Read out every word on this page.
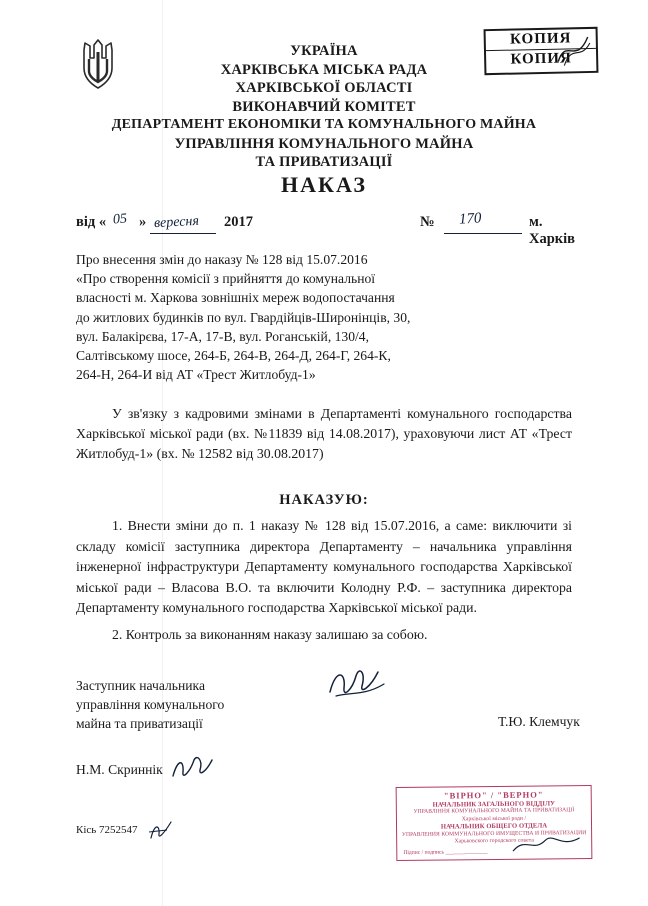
КОПИЯ
КОПИЯ
УКРАЇНА
ХАРКІВСЬКА МІСЬКА РАДА
ХАРКІВСЬКОЇ ОБЛАСТІ
ВИКОНАВЧИЙ КОМІТЕТ
ДЕПАРТАМЕНТ ЕКОНОМІКИ ТА КОМУНАЛЬНОГО МАЙНА
УПРАВЛІННЯ КОМУНАЛЬНОГО МАЙНА
ТА ПРИВАТИЗАЦІЇ
НАКАЗ
від « 05 » вересня 2017	№ 170	м. Харків
Про внесення змін до наказу № 128 від 15.07.2016
«Про створення комісії з прийняття до комунальної
власності м. Харкова зовнішніх мереж водопостачання
до житлових будинків по вул. Гвардійців-Широнінців, 30,
вул. Балакірєва, 17-А, 17-В, вул. Роганській, 130/4,
Салтівському шосе, 264-Б, 264-В, 264-Д, 264-Г, 264-К,
264-Н, 264-И від АТ «Трест Житлобуд-1»
У зв'язку з кадровими змінами в Департаменті комунального господарства Харківської міської ради (вх. №11839 від 14.08.2017), урахoвуючи лист АТ «Трест Житлобуд-1» (вх. № 12582 від 30.08.2017)
НАКАЗУЮ:
1. Внести зміни до п. 1 наказу № 128 від 15.07.2016, а саме: виключити зі складу комісії заступника директора Департаменту – начальника управління інженерної інфраструктури Департаменту комунального господарства Харківської міської ради – Власова В.О. та включити Колодну Р.Ф. – заступника директора Департаменту комунального господарства Харківської міської ради.
2. Контроль за виконанням наказу залишаю за собою.
Заступник начальника
управління комунального
майна та приватизації	Т.Ю. Клемчук
Н.М. Скриннік
Кісь 7252547
"ВІРНО" / "ВЕРНО"
НАЧАЛЬНИК ЗАГАЛЬНОГО ВІДДІЛУ
УПРАВЛІННЯ КОМУНАЛЬНОГО МАЙНА ТА ПРИВАТИЗАЦІЇ
Харківської міської ради /
НАЧАЛЬНИК ОБЩЕГО ОТДЕЛА
УПРАВЛЕНИЯ КОММУНАЛЬНОГО ИМУЩЕСТВА И ПРИВАТИЗАЦИИ
Харьковского городского совета
Підпис / подпись _______________
